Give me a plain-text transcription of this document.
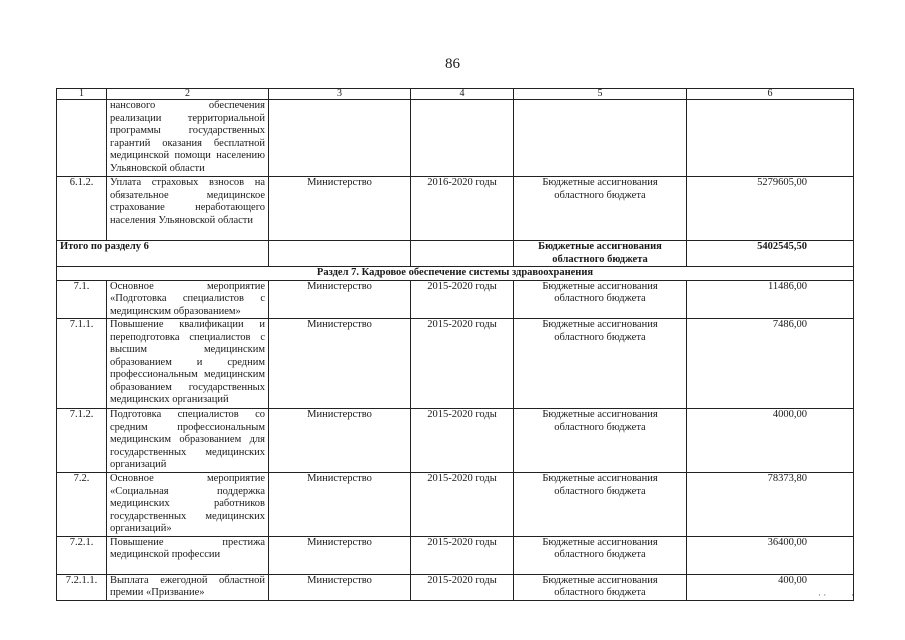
86
1	2	3	4	5	6
	нансового обеспечения реализации территориальной программы государственных гарантий оказания бесплатной медицинской помощи населению Ульяновской области				
6.1.2.	Уплата страховых взносов на обязательное медицинское страхование неработающего населения Ульяновской области	Министерство	2016-2020 годы	Бюджетные ассигнования областного бюджета	5279605,00
Итого по разделу 6				Бюджетные ассигнования областного бюджета	5402545,50
Раздел 7. Кадровое обеспечение системы здравоохранения					
7.1.	Основное мероприятие «Подготовка специалистов с медицинским образованием»	Министерство	2015-2020 годы	Бюджетные ассигнования областного бюджета	11486,00
7.1.1.	Повышение квалификации и переподготовка специалистов с высшим медицинским образованием и средним профессиональным медицинским образованием государственных медицинских организаций	Министерство	2015-2020 годы	Бюджетные ассигнования областного бюджета	7486,00
7.1.2.	Подготовка специалистов со средним профессиональным медицинским образованием для государственных медицинских организаций	Министерство	2015-2020 годы	Бюджетные ассигнования областного бюджета	4000,00
7.2.	Основное мероприятие «Социальная поддержка медицинских работников государственных медицинских организаций»	Министерство	2015-2020 годы	Бюджетные ассигнования областного бюджета	78373,80
7.2.1.	Повышение престижа медицинской профессии	Министерство	2015-2020 годы	Бюджетные ассигнования областного бюджета	36400,00
7.2.1.1.	Выплата ежегодной областной премии «Призвание»	Министерство	2015-2020 годы	Бюджетные ассигнования областного бюджета	400,00
· ·           ·
